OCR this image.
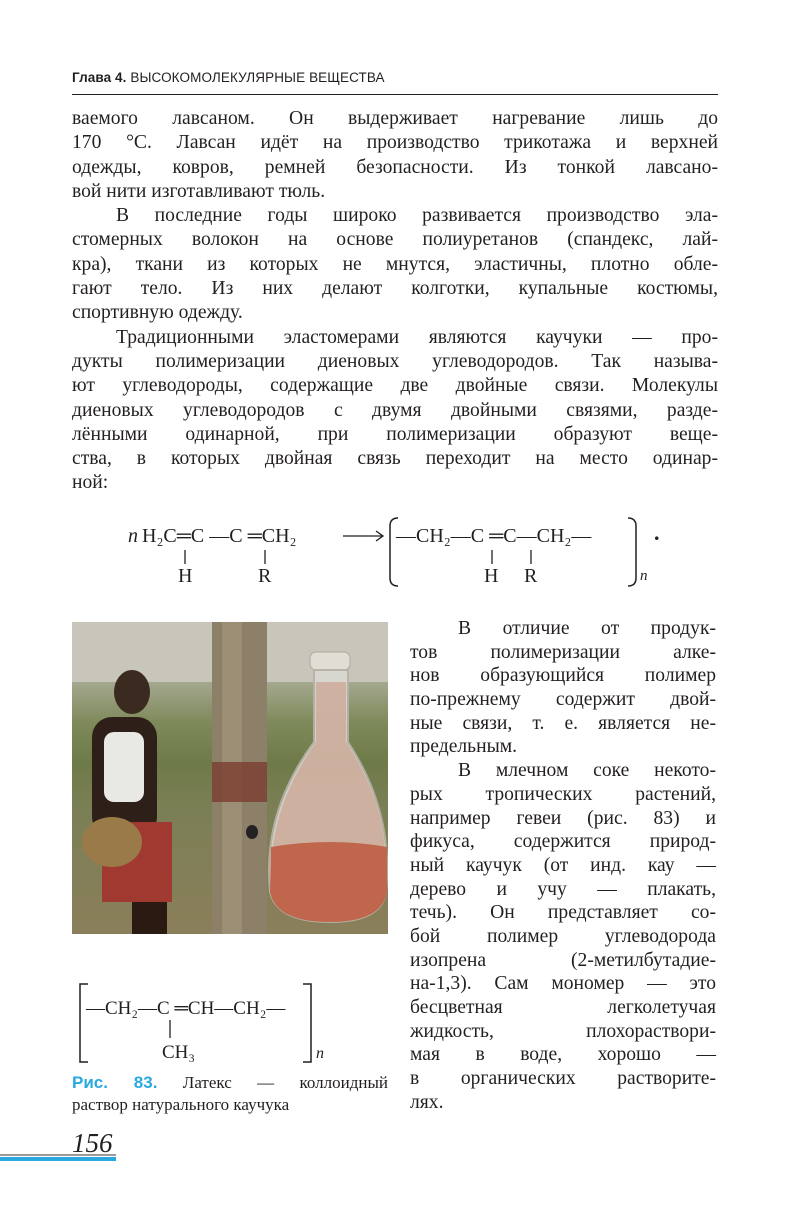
Глава 4. ВЫСОКОМОЛЕКУЛЯРНЫЕ ВЕЩЕСТВА
ваемого лавсаном. Он выдерживает нагревание лишь до
170 °С. Лавсан идёт на производство трикотажа и верхней
одежды, ковров, ремней безопасности. Из тонкой лавсано-
вой нити изготавливают тюль.
В последние годы широко развивается производство эла-
стомерных волокон на основе полиуретанов (спандекс, лай-
кра), ткани из которых не мнутся, эластичны, плотно обле-
гают тело. Из них делают колготки, купальные костюмы,
спортивную одежду.
Традиционными эластомерами являются каучуки — про-
дукты полимеризации диеновых углеводородов. Так называ-
ют углеводороды, содержащие две двойные связи. Молекулы
диеновых углеводородов с двумя двойными связями, разде-
лёнными одинарной, при полимеризации образуют веще-
ства, в которых двойная связь переходит на место одинар-
ной:
n H₂C═C —C ═CH₂
H	R
—CH₂—C ═C—CH₂—
H R	n
.
—CH₂—C ═CH—CH₂—
CH₃	n
Рис. 83. Латекс — коллоидный
раствор натурального каучука
В отличие от продук-
тов полимеризации алке-
нов образующийся полимер
по-прежнему содержит двой-
ные связи, т. е. является не-
предельным.
В млечном соке некото-
рых тропических растений,
например гевеи (рис. 83) и
фикуса, содержится природ-
ный каучук (от инд. кау —
дерево и учу — плакать,
течь). Он представляет со-
бой полимер углеводорода
изопрена (2-метилбутадие-
на-1,3). Сам мономер — это
бесцветная легколетучая
жидкость, плохораствори-
мая в воде, хорошо —
в органических растворите-
лях.
156
